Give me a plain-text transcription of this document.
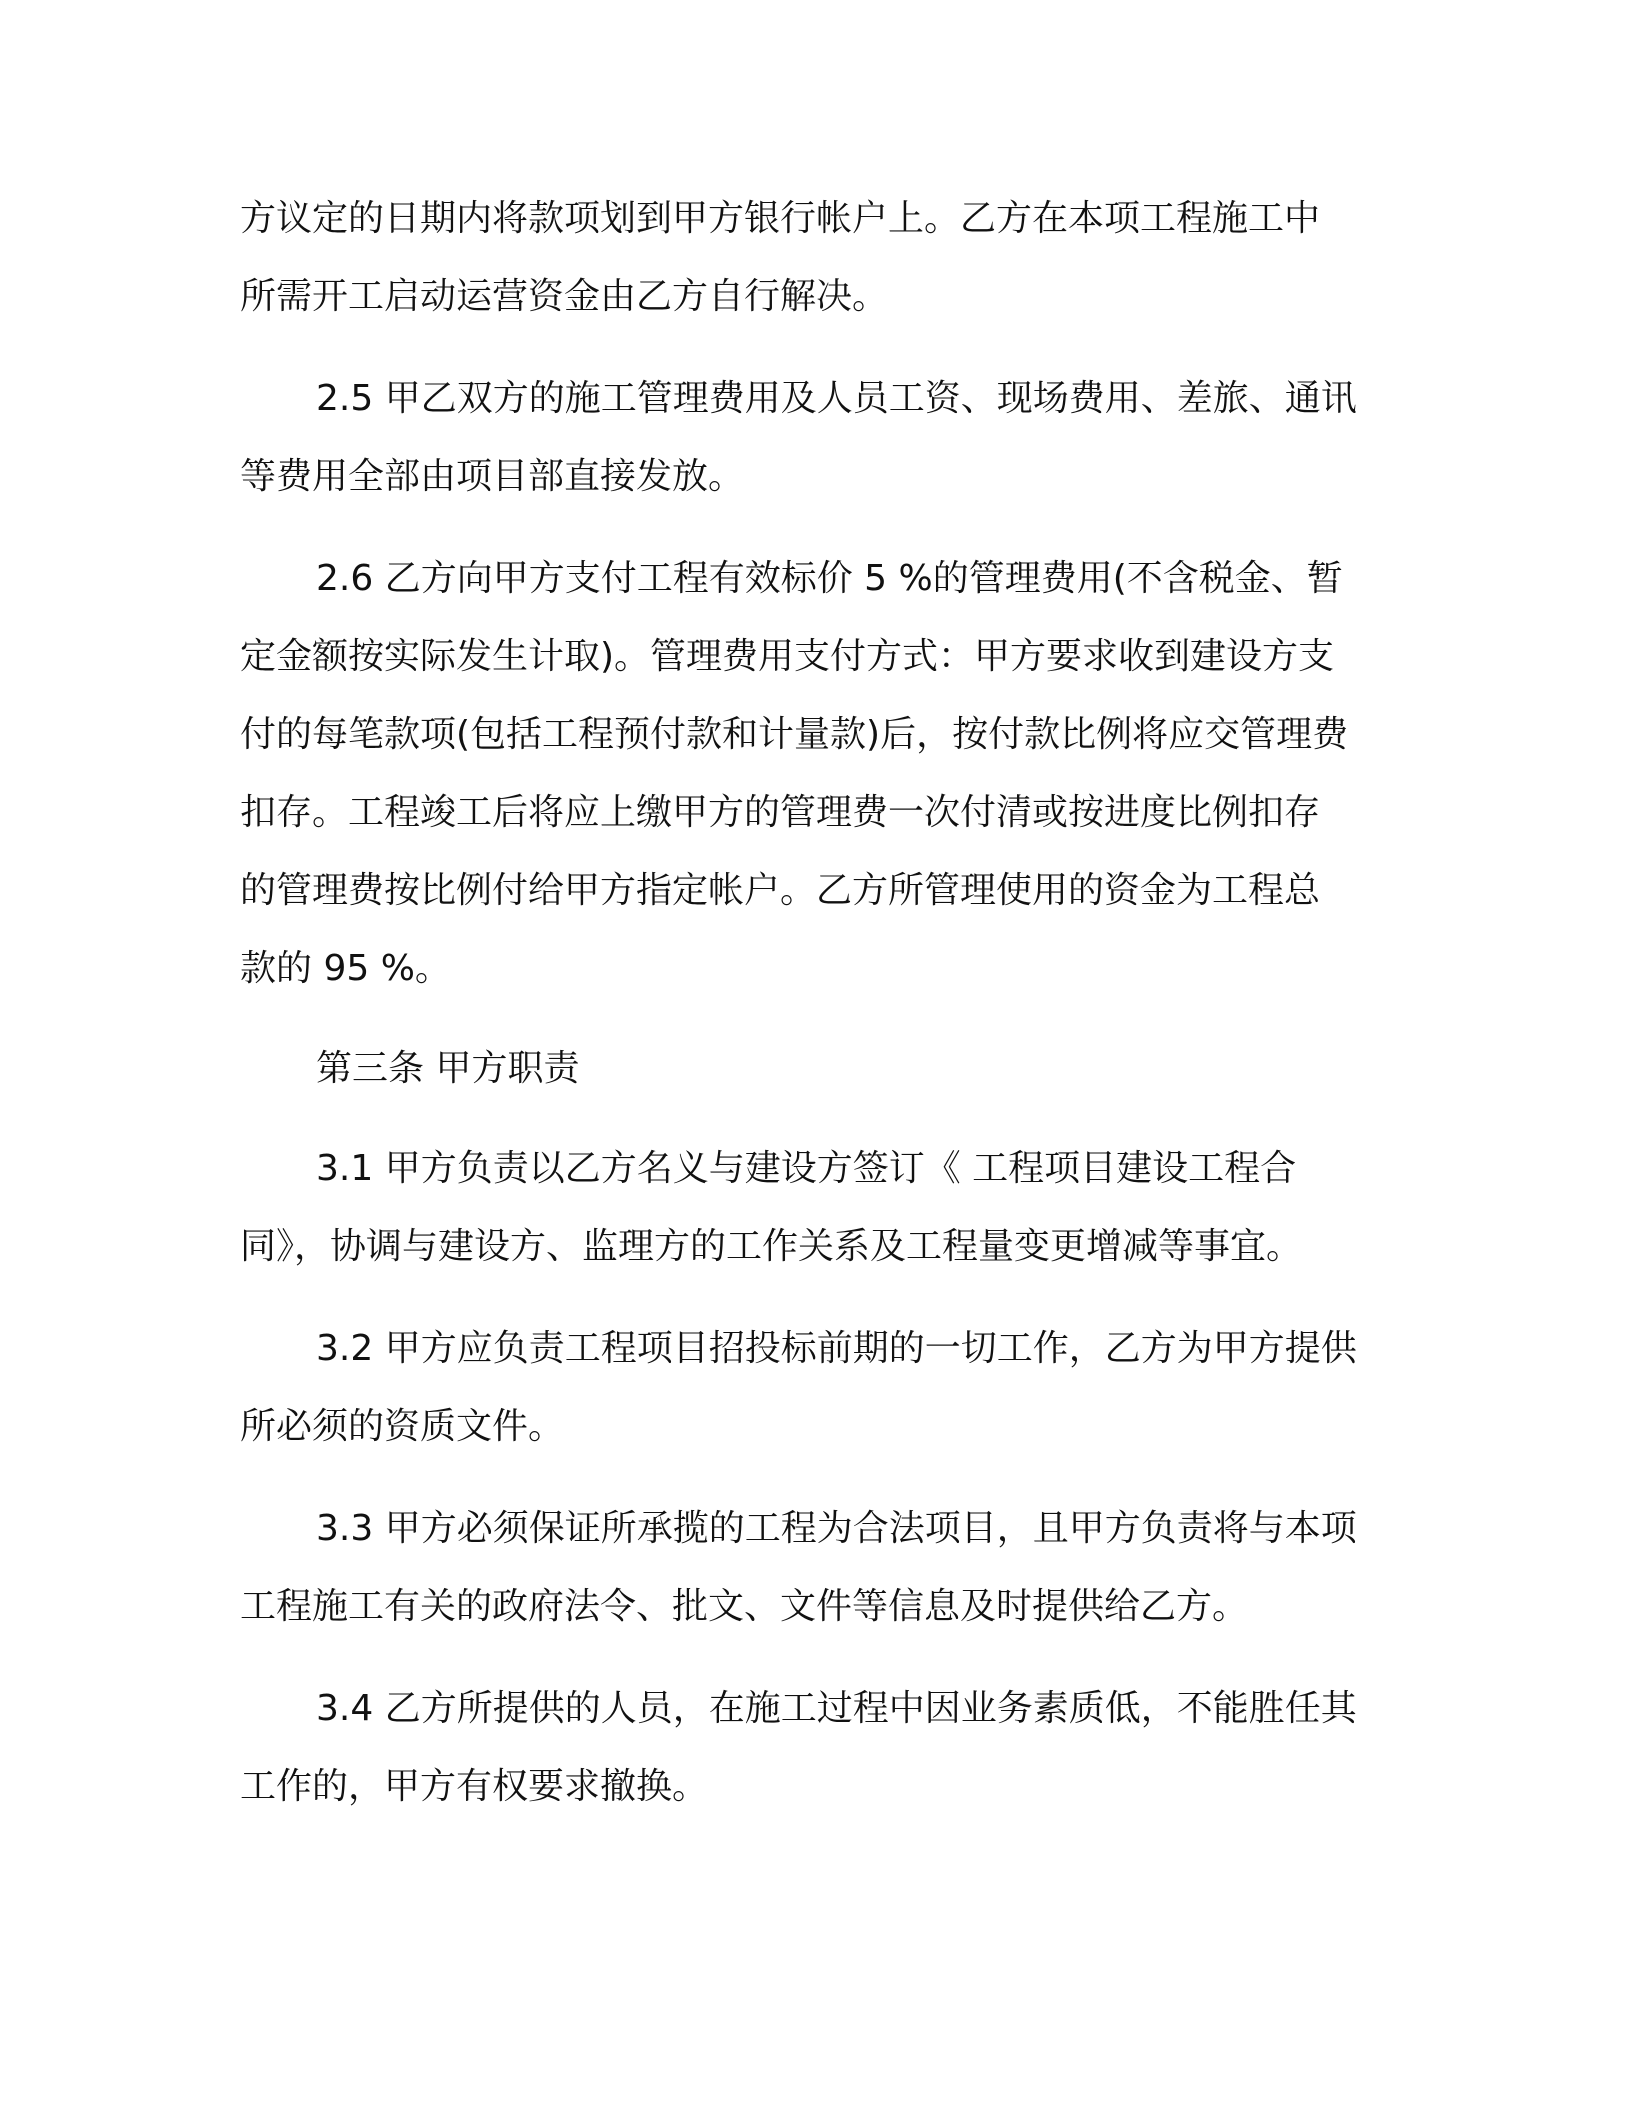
方议定的日期内将款项划到甲方银行帐户上。乙方在本项工程施工中
所需开工启动运营资金由乙方自行解决。
2.5 甲乙双方的施工管理费用及人员工资、现场费用、差旅、通讯
等费用全部由项目部直接发放。
2.6 乙方向甲方支付工程有效标价 5 %的管理费用(不含税金、暂
定金额按实际发生计取)。管理费用支付方式：甲方要求收到建设方支
付的每笔款项(包括工程预付款和计量款)后，按付款比例将应交管理费
扣存。工程竣工后将应上缴甲方的管理费一次付清或按进度比例扣存
的管理费按比例付给甲方指定帐户。乙方所管理使用的资金为工程总
款的 95 %。
第三条 甲方职责
3.1 甲方负责以乙方名义与建设方签订《 工程项目建设工程合
同》，协调与建设方、监理方的工作关系及工程量变更增减等事宜。
3.2 甲方应负责工程项目招投标前期的一切工作，乙方为甲方提供
所必须的资质文件。
3.3 甲方必须保证所承揽的工程为合法项目，且甲方负责将与本项
工程施工有关的政府法令、批文、文件等信息及时提供给乙方。
3.4 乙方所提供的人员，在施工过程中因业务素质低，不能胜任其
工作的，甲方有权要求撤换。
